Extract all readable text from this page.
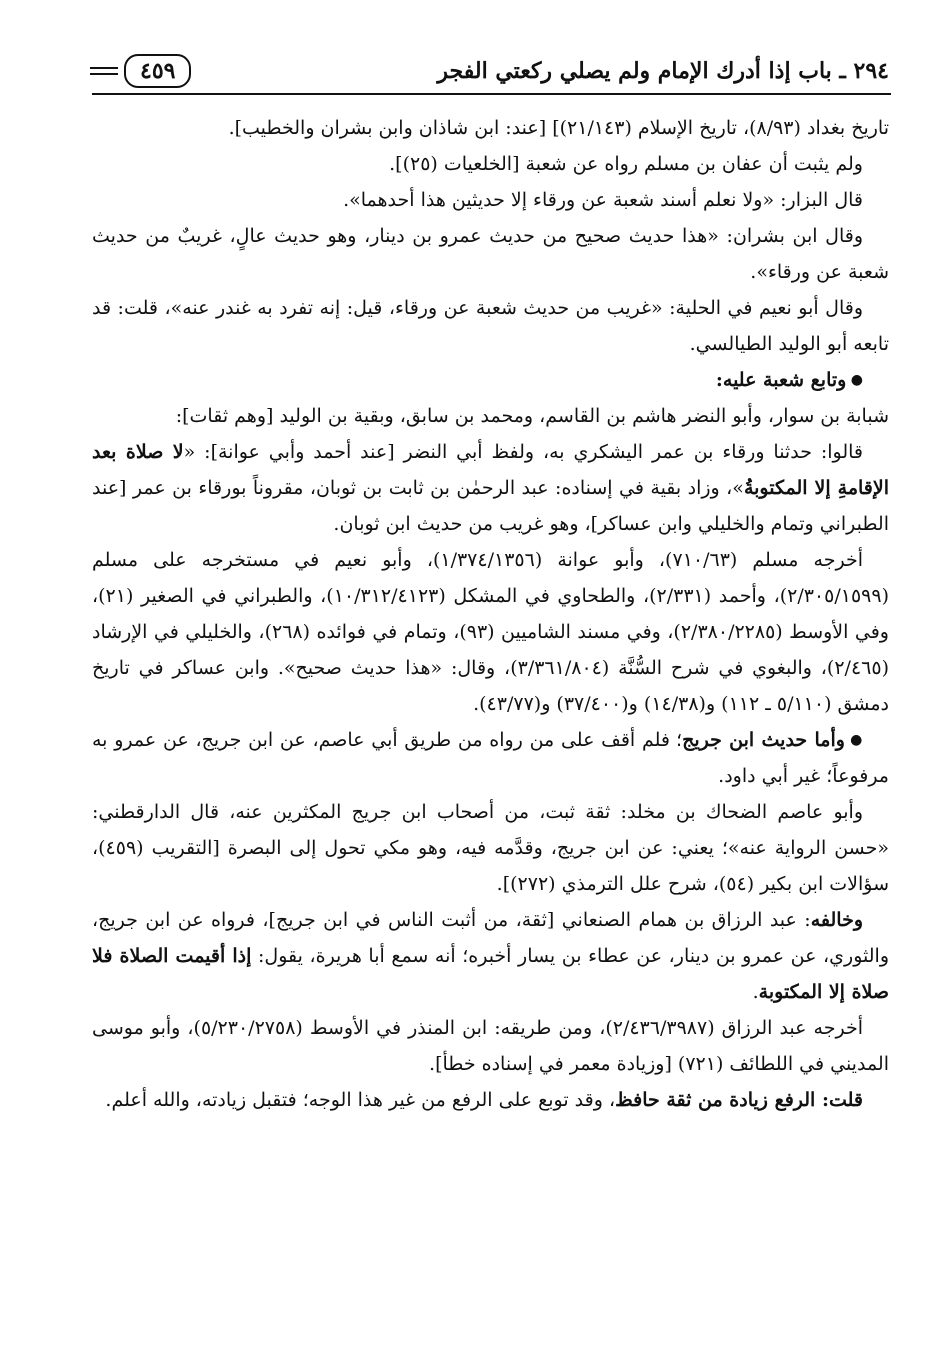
٢٩٤ ـ باب إذا أدرك الإمام ولم يصلي ركعتي الفجر
٤٥٩

تاريخ بغداد (٨/٩٣)، تاريخ الإسلام (٢١/١٤٣)] [عند: ابن شاذان وابن بشران والخطيب].

ولم يثبت أن عفان بن مسلم رواه عن شعبة [الخلعيات (٢٥)].

قال البزار: «ولا نعلم أسند شعبة عن ورقاء إلا حديثين هذا أحدهما».

وقال ابن بشران: «هذا حديث صحيح من حديث عمرو بن دينار، وهو حديث عالٍ، غريبٌ من حديث شعبة عن ورقاء».

وقال أبو نعيم في الحلية: «غريب من حديث شعبة عن ورقاء، قيل: إنه تفرد به غندر عنه»، قلت: قد تابعه أبو الوليد الطيالسي.

● وتابع شعبة عليه:

شبابة بن سوار، وأبو النضر هاشم بن القاسم، ومحمد بن سابق، وبقية بن الوليد [وهم ثقات]:

قالوا: حدثنا ورقاء بن عمر اليشكري به، ولفظ أبي النضر [عند أحمد وأبي عوانة]: «لا صلاة بعد الإقامةِ إلا المكتوبةُ»، وزاد بقية في إسناده: عبد الرحمٰن بن ثابت بن ثوبان، مقروناً بورقاء بن عمر [عند الطبراني وتمام والخليلي وابن عساكر]، وهو غريب من حديث ابن ثوبان.

أخرجه مسلم (٧١٠/٦٣)، وأبو عوانة (١/٣٧٤/١٣٥٦)، وأبو نعيم في مستخرجه على مسلم (٢/٣٠٥/١٥٩٩)، وأحمد (٢/٣٣١)، والطحاوي في المشكل (١٠/٣١٢/٤١٢٣)، والطبراني في الصغير (٢١)، وفي الأوسط (٢/٣٨٠/٢٢٨٥)، وفي مسند الشاميين (٩٣)، وتمام في فوائده (٢٦٨)، والخليلي في الإرشاد (٢/٤٦٥)، والبغوي في شرح السُّنَّة (٣/٣٦١/٨٠٤)، وقال: «هذا حديث صحيح». وابن عساكر في تاريخ دمشق (٥/١١٠ ـ ١١٢) و(١٤/٣٨) و(٣٧/٤٠٠) و(٤٣/٧٧).

● وأما حديث ابن جريج؛ فلم أقف على من رواه من طريق أبي عاصم، عن ابن جريج، عن عمرو به مرفوعاً؛ غير أبي داود.

وأبو عاصم الضحاك بن مخلد: ثقة ثبت، من أصحاب ابن جريج المكثرين عنه، قال الدارقطني: «حسن الرواية عنه»؛ يعني: عن ابن جريج، وقدَّمه فيه، وهو مكي تحول إلى البصرة [التقريب (٤٥٩)، سؤالات ابن بكير (٥٤)، شرح علل الترمذي (٢٧٢)].

وخالفه: عبد الرزاق بن همام الصنعاني [ثقة، من أثبت الناس في ابن جريج]، فرواه عن ابن جريج، والثوري، عن عمرو بن دينار، عن عطاء بن يسار أخبره؛ أنه سمع أبا هريرة، يقول: إذا أقيمت الصلاة فلا صلاة إلا المكتوبة.

أخرجه عبد الرزاق (٢/٤٣٦/٣٩٨٧)، ومن طريقه: ابن المنذر في الأوسط (٥/٢٣٠/٢٧٥٨)، وأبو موسى المديني في اللطائف (٧٢١) [وزيادة معمر في إسناده خطأ].

قلت: الرفع زيادة من ثقة حافظ، وقد توبع على الرفع من غير هذا الوجه؛ فتقبل زيادته، والله أعلم.
